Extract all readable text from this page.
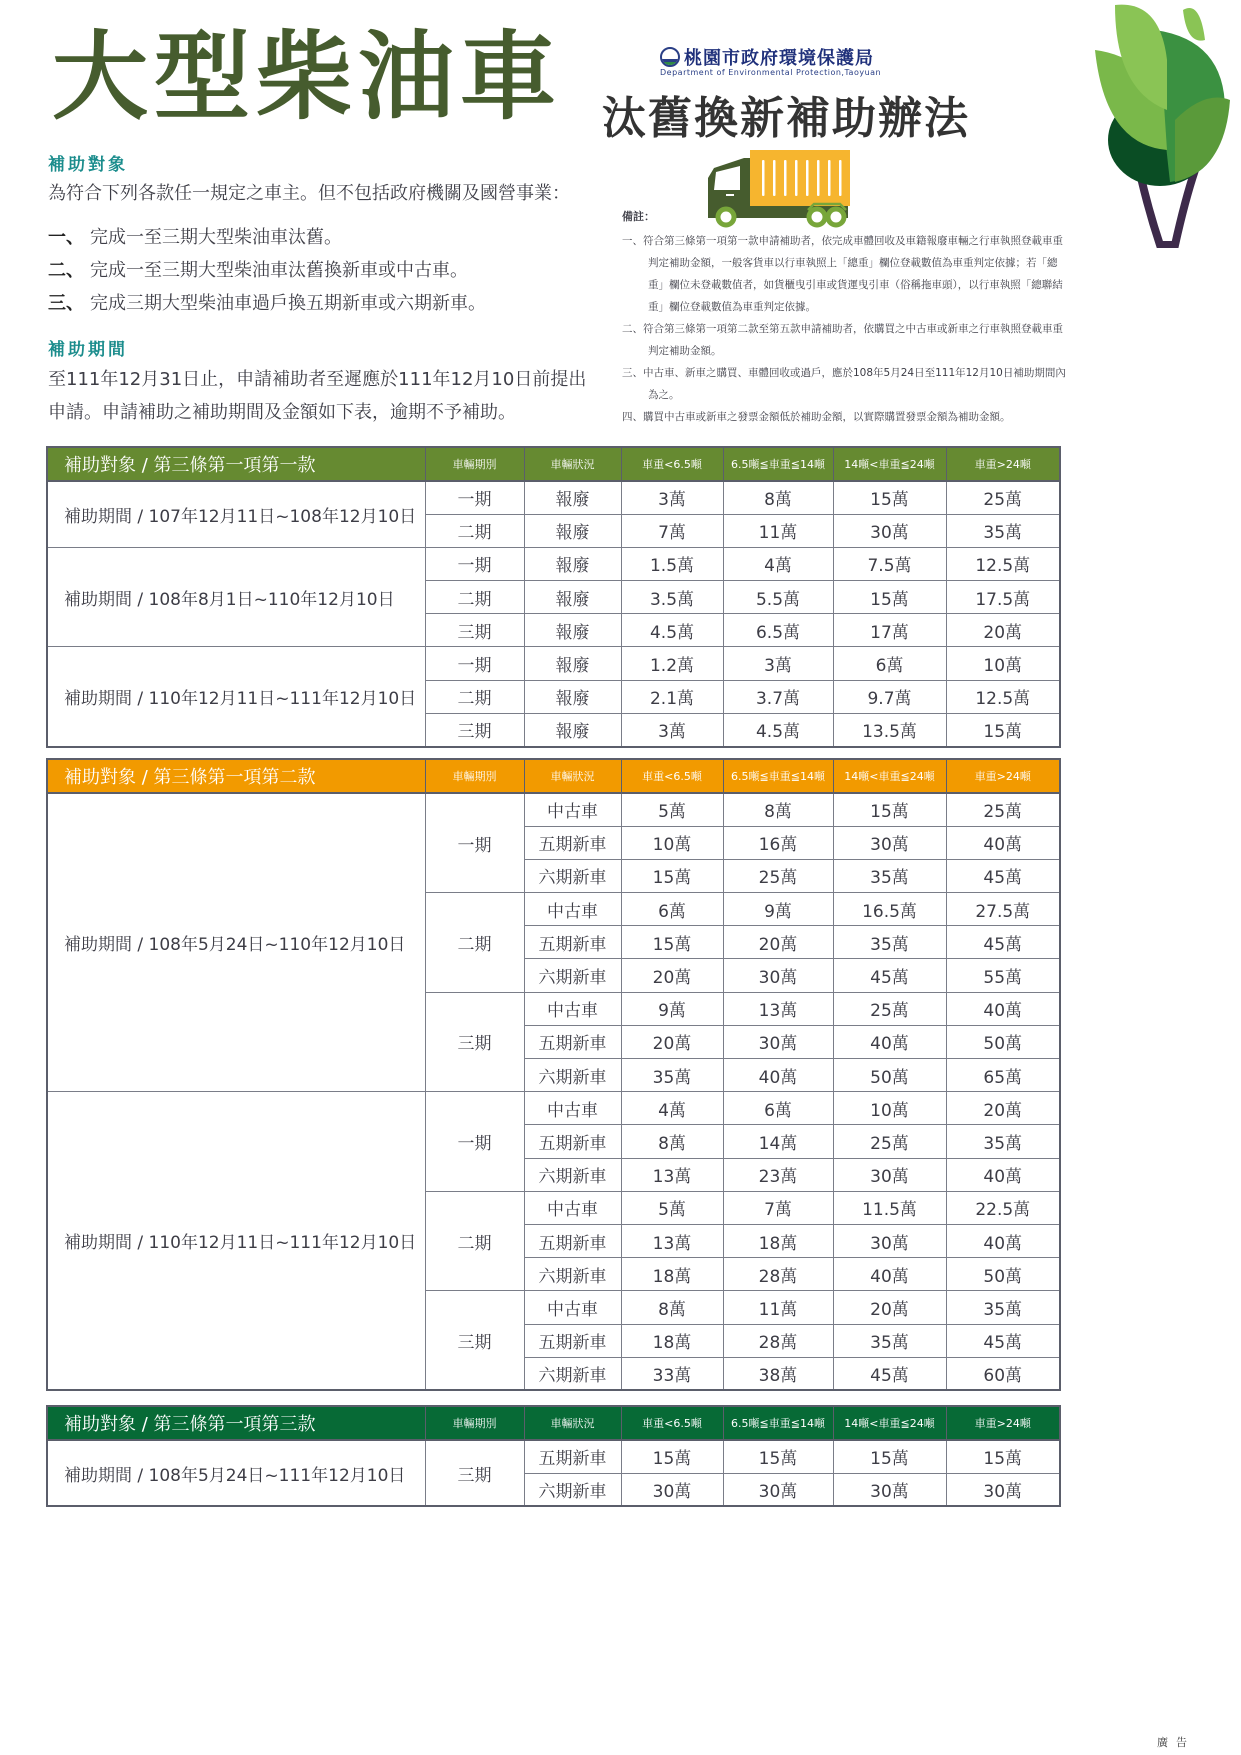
大型柴油車	桃園市政府環境保護局
Department of Environmental Protection,Taoyuan
汰舊換新補助辦法
補助對象
為符合下列各款任一規定之車主。但不包括政府機關及國營事業：
一、 完成一至三期大型柴油車汰舊。
二、 完成一至三期大型柴油車汰舊換新車或中古車。
三、 完成三期大型柴油車過戶換五期新車或六期新車。
補助期間
至111年12月31日止，申請補助者至遲應於111年12月10日前提出
申請。申請補助之補助期間及金額如下表，逾期不予補助。
備註：
一、符合第三條第一項第一款申請補助者，依完成車體回收及車籍報廢車輛之行車執照登載車重判定補助金額，一般客貨車以行車執照上「總重」欄位登載數值為車重判定依據；若「總重」欄位未登載數值者，如貨櫃曳引車或貨運曳引車（俗稱拖車頭），以行車執照「總聯結重」欄位登載數值為車重判定依據。
二、符合第三條第一項第二款至第五款申請補助者，依購買之中古車或新車之行車執照登載車重判定補助金額。
三、中古車、新車之購買、車體回收或過戶，應於108年5月24日至111年12月10日補助期間內為之。
四、購買中古車或新車之發票金額低於補助金額，以實際購置發票金額為補助金額。
補助對象 / 第三條第一項第一款	車輛期別	車輛狀況	車重<6.5噸	6.5噸≦車重≦14噸	14噸<車重≦24噸	車重>24噸
補助期間 / 107年12月11日~108年12月10日	一期	報廢	3萬	8萬	15萬	25萬
	二期	報廢	7萬	11萬	30萬	35萬
補助期間 / 108年8月1日~110年12月10日	一期	報廢	1.5萬	4萬	7.5萬	12.5萬
	二期	報廢	3.5萬	5.5萬	15萬	17.5萬
	三期	報廢	4.5萬	6.5萬	17萬	20萬
補助期間 / 110年12月11日~111年12月10日	一期	報廢	1.2萬	3萬	6萬	10萬
	二期	報廢	2.1萬	3.7萬	9.7萬	12.5萬
	三期	報廢	3萬	4.5萬	13.5萬	15萬
補助對象 / 第三條第一項第二款	車輛期別	車輛狀況	車重<6.5噸	6.5噸≦車重≦14噸	14噸<車重≦24噸	車重>24噸
補助期間 / 108年5月24日~110年12月10日	一期	中古車	5萬	8萬	15萬	25萬
		五期新車	10萬	16萬	30萬	40萬
		六期新車	15萬	25萬	35萬	45萬
	二期	中古車	6萬	9萬	16.5萬	27.5萬
		五期新車	15萬	20萬	35萬	45萬
		六期新車	20萬	30萬	45萬	55萬
	三期	中古車	9萬	13萬	25萬	40萬
		五期新車	20萬	30萬	40萬	50萬
		六期新車	35萬	40萬	50萬	65萬
補助期間 / 110年12月11日~111年12月10日	一期	中古車	4萬	6萬	10萬	20萬
		五期新車	8萬	14萬	25萬	35萬
		六期新車	13萬	23萬	30萬	40萬
	二期	中古車	5萬	7萬	11.5萬	22.5萬
		五期新車	13萬	18萬	30萬	40萬
		六期新車	18萬	28萬	40萬	50萬
	三期	中古車	8萬	11萬	20萬	35萬
		五期新車	18萬	28萬	35萬	45萬
		六期新車	33萬	38萬	45萬	60萬
補助對象 / 第三條第一項第三款	車輛期別	車輛狀況	車重<6.5噸	6.5噸≦車重≦14噸	14噸<車重≦24噸	車重>24噸
補助期間 / 108年5月24日~111年12月10日	三期	五期新車	15萬	15萬	15萬	15萬
		六期新車	30萬	30萬	30萬	30萬
廣告
